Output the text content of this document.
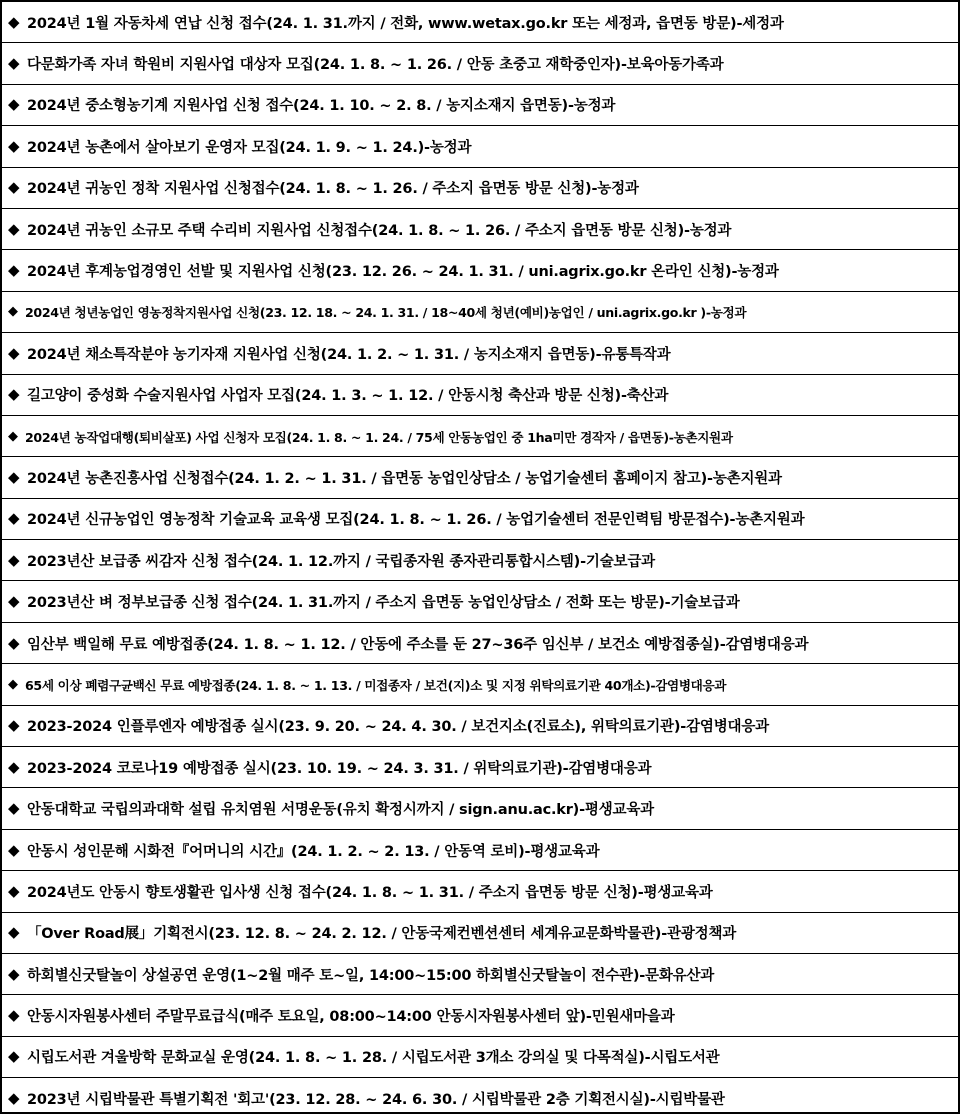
◆ 2024년 1월 자동차세 연납 신청 접수(24. 1. 31.까지 / 전화, www.wetax.go.kr 또는 세정과, 읍면동 방문)-세정과
◆ 다문화가족 자녀 학원비 지원사업 대상자 모집(24. 1. 8. ~ 1. 26. / 안동 초중고 재학중인자)-보육아동가족과
◆ 2024년 중소형농기계 지원사업 신청 접수(24. 1. 10. ~ 2. 8. / 농지소재지 읍면동)-농정과
◆ 2024년 농촌에서 살아보기 운영자 모집(24. 1. 9. ~ 1. 24.)-농정과
◆ 2024년 귀농인 정착 지원사업 신청접수(24. 1. 8. ~ 1. 26. / 주소지 읍면동 방문 신청)-농정과
◆ 2024년 귀농인 소규모 주택 수리비 지원사업 신청접수(24. 1. 8. ~ 1. 26. / 주소지 읍면동 방문 신청)-농정과
◆ 2024년 후계농업경영인 선발 및 지원사업 신청(23. 12. 26. ~ 24. 1. 31. / uni.agrix.go.kr 온라인 신청)-농정과
◆ 2024년 청년농업인 영농정착지원사업 신청(23. 12. 18. ~ 24. 1. 31. / 18~40세 청년(예비)농업인 / uni.agrix.go.kr )-농정과
◆ 2024년 채소특작분야 농기자재 지원사업 신청(24. 1. 2. ~ 1. 31. / 농지소재지 읍면동)-유통특작과
◆ 길고양이 중성화 수술지원사업 사업자 모집(24. 1. 3. ~ 1. 12. / 안동시청 축산과 방문 신청)-축산과
◆ 2024년 농작업대행(퇴비살포) 사업 신청자 모집(24. 1. 8. ~ 1. 24. / 75세 안동농업인 중 1ha미만 경작자 / 읍면동)-농촌지원과
◆ 2024년 농촌진흥사업 신청접수(24. 1. 2. ~ 1. 31. / 읍면동 농업인상담소 / 농업기술센터 홈페이지 참고)-농촌지원과
◆ 2024년 신규농업인 영농정착 기술교육 교육생 모집(24. 1. 8. ~ 1. 26. / 농업기술센터 전문인력팀 방문접수)-농촌지원과
◆ 2023년산 보급종 씨감자 신청 접수(24. 1. 12.까지 / 국립종자원 종자관리통합시스템)-기술보급과
◆ 2023년산 벼 정부보급종 신청 접수(24. 1. 31.까지 / 주소지 읍면동 농업인상담소 / 전화 또는 방문)-기술보급과
◆ 임산부 백일해 무료 예방접종(24. 1. 8. ~ 1. 12. / 안동에 주소를 둔 27~36주 임신부 / 보건소 예방접종실)-감염병대응과
◆ 65세 이상 폐렴구균백신 무료 예방접종(24. 1. 8. ~ 1. 13. / 미접종자 / 보건(지)소 및 지정 위탁의료기관 40개소)-감염병대응과
◆ 2023-2024 인플루엔자 예방접종 실시(23. 9. 20. ~ 24. 4. 30. / 보건지소(진료소), 위탁의료기관)-감염병대응과
◆ 2023-2024 코로나19 예방접종 실시(23. 10. 19. ~ 24. 3. 31. / 위탁의료기관)-감염병대응과
◆ 안동대학교 국립의과대학 설립 유치염원 서명운동(유치 확정시까지 / sign.anu.ac.kr)-평생교육과
◆ 안동시 성인문해 시화전『어머니의 시간』(24. 1. 2. ~ 2. 13. / 안동역 로비)-평생교육과
◆ 2024년도 안동시 향토생활관 입사생 신청 접수(24. 1. 8. ~ 1. 31. / 주소지 읍면동 방문 신청)-평생교육과
◆ 「Over Road展」기획전시(23. 12. 8. ~ 24. 2. 12. / 안동국제컨벤션센터 세계유교문화박물관)-관광정책과
◆ 하회별신굿탈놀이 상설공연 운영(1~2월 매주 토~일, 14:00~15:00 하회별신굿탈놀이 전수관)-문화유산과
◆ 안동시자원봉사센터 주말무료급식(매주 토요일, 08:00~14:00 안동시자원봉사센터 앞)-민원새마을과
◆ 시립도서관 겨울방학 문화교실 운영(24. 1. 8. ~ 1. 28. / 시립도서관 3개소 강의실 및 다목적실)-시립도서관
◆ 2023년 시립박물관 특별기획전 '회고'(23. 12. 28. ~ 24. 6. 30. / 시립박물관 2층 기획전시실)-시립박물관
